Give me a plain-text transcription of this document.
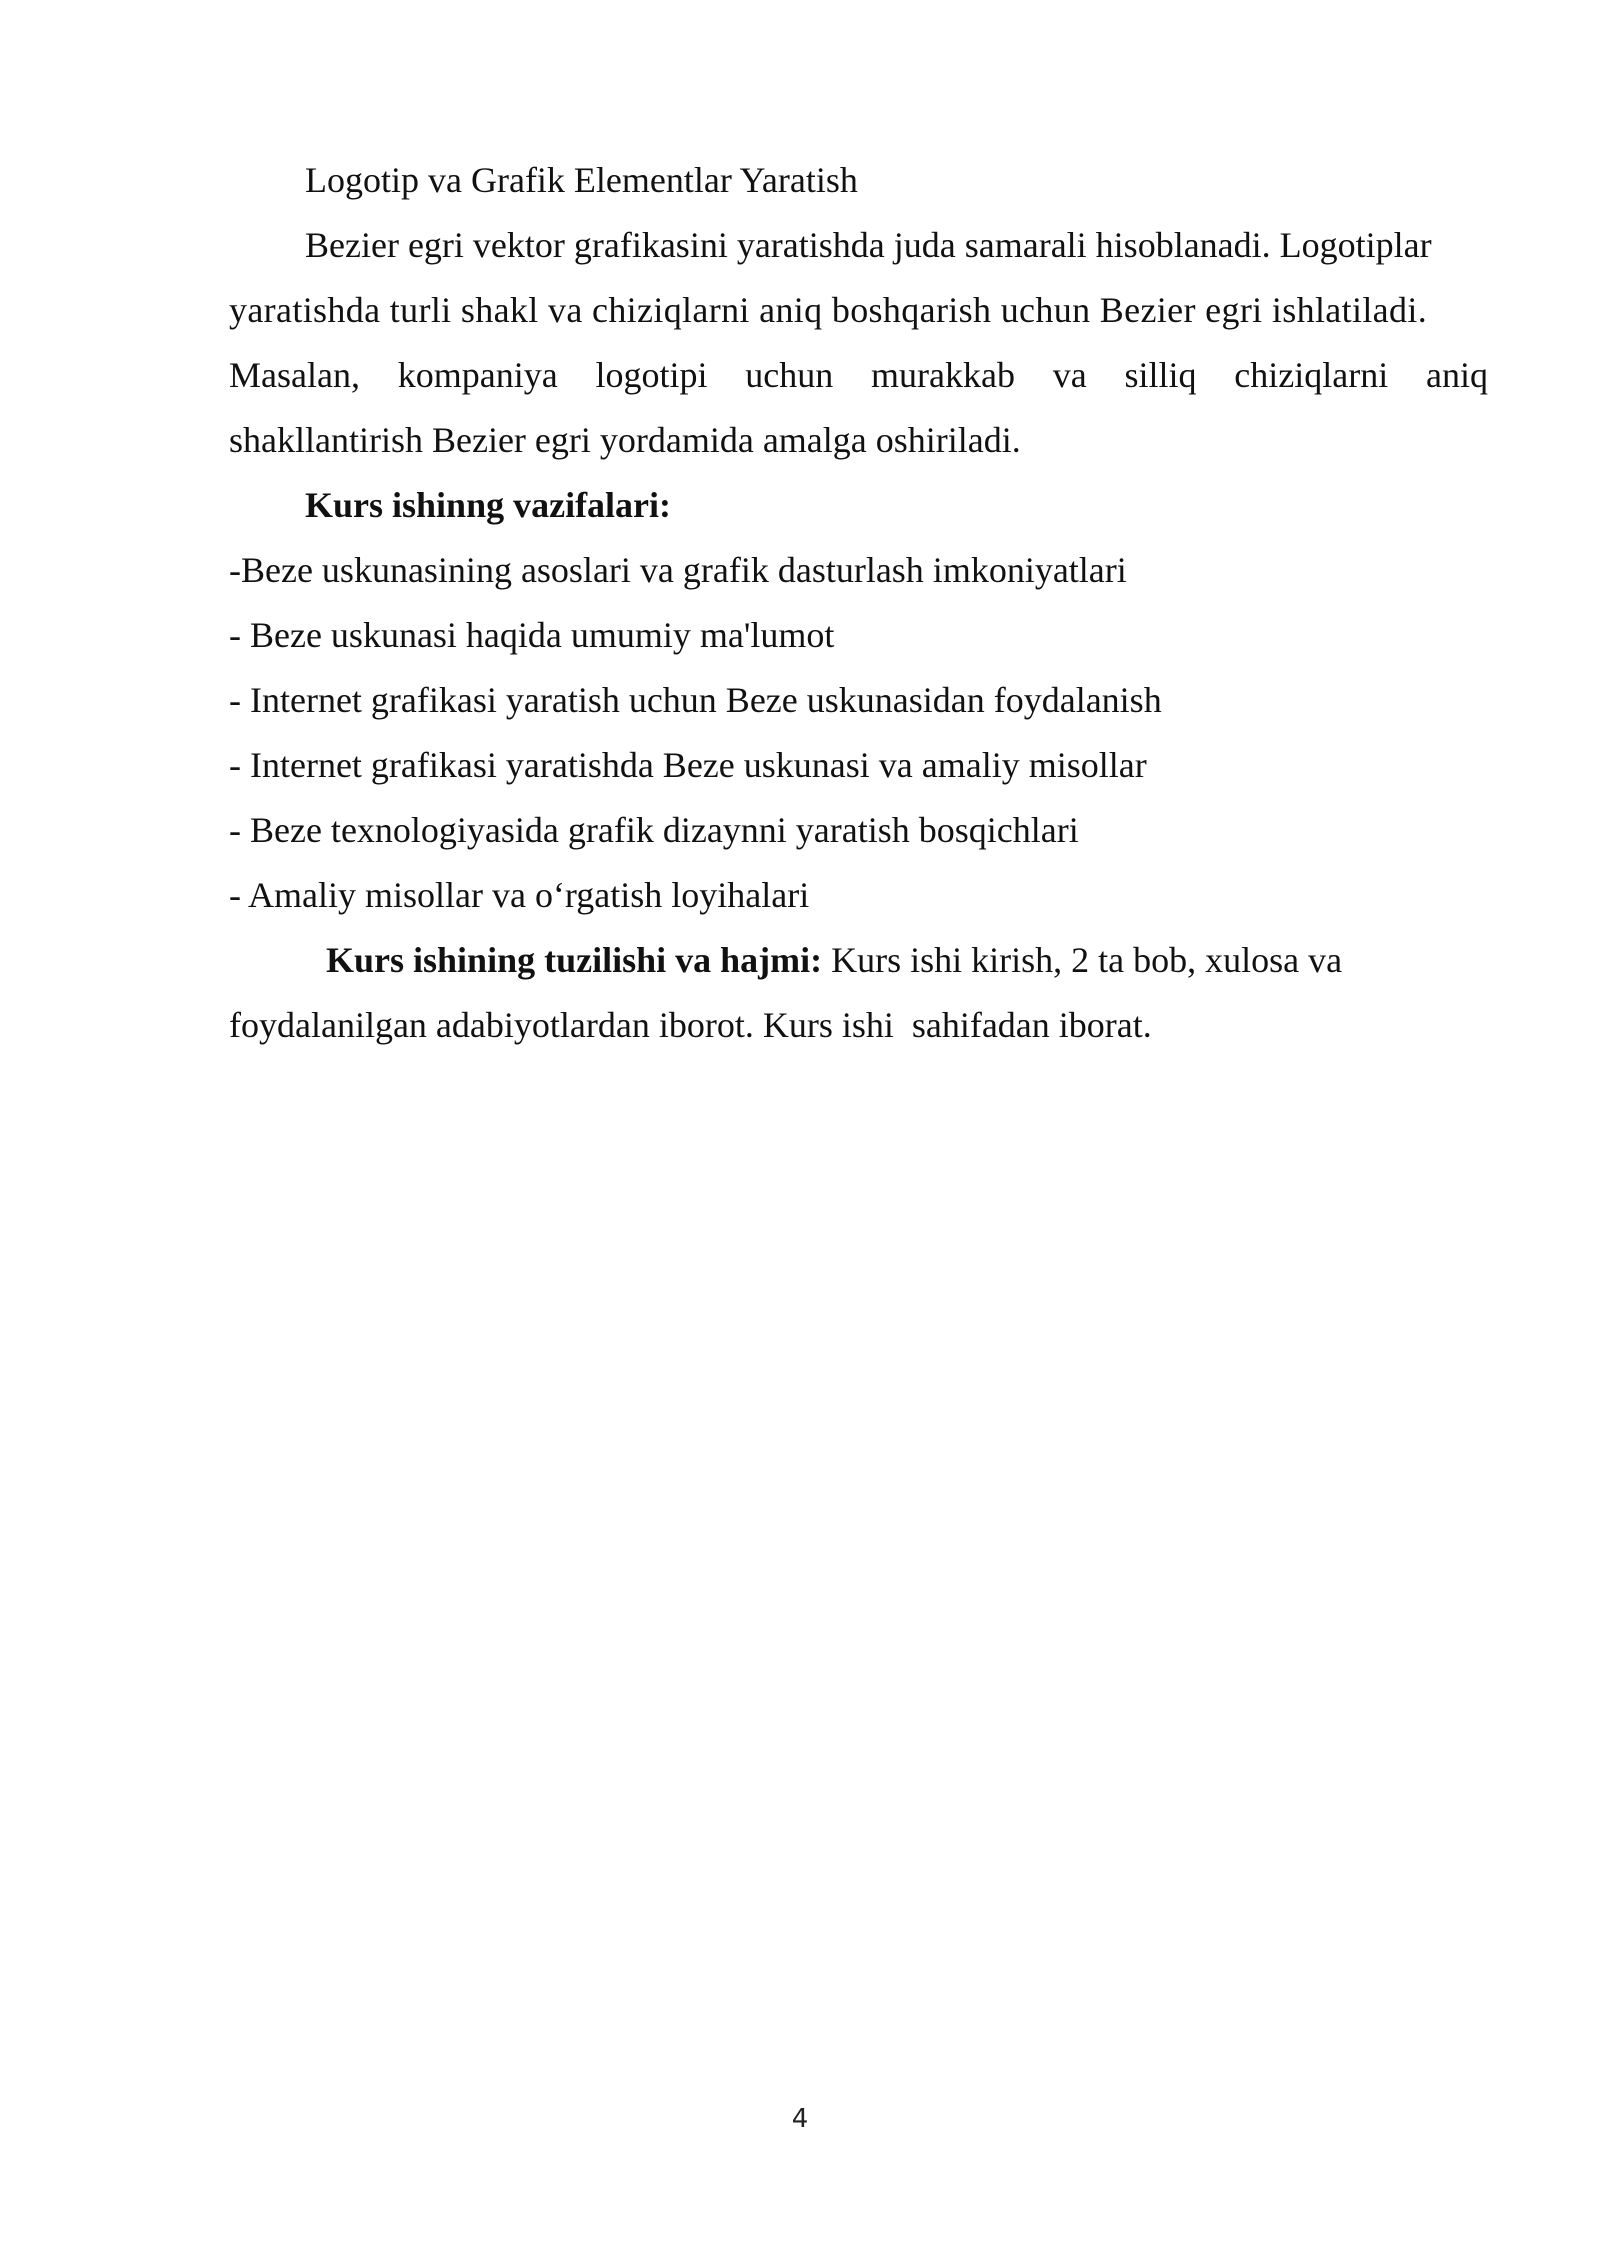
Logotip va Grafik Elementlar Yaratish
Bezier egri vektor grafikasini yaratishda juda samarali hisoblanadi. Logotiplar
yaratishda turli shakl va chiziqlarni aniq boshqarish uchun Bezier egri ishlatiladi.
Masalan, kompaniya logotipi uchun murakkab va silliq chiziqlarni aniq
shakllantirish Bezier egri yordamida amalga oshiriladi.
Kurs ishinng vazifalari:
-Beze uskunasining asoslari va grafik dasturlash imkoniyatlari
- Beze uskunasi haqida umumiy ma'lumot
- Internet grafikasi yaratish uchun Beze uskunasidan foydalanish
- Internet grafikasi yaratishda Beze uskunasi va amaliy misollar
- Beze texnologiyasida grafik dizaynni yaratish bosqichlari
- Amaliy misollar va o‘rgatish loyihalari
Kurs ishining tuzilishi va hajmi: Kurs ishi kirish, 2 ta bob, xulosa va
foydalanilgan adabiyotlardan iborot. Kurs ishi  sahifadan iborat.
4
